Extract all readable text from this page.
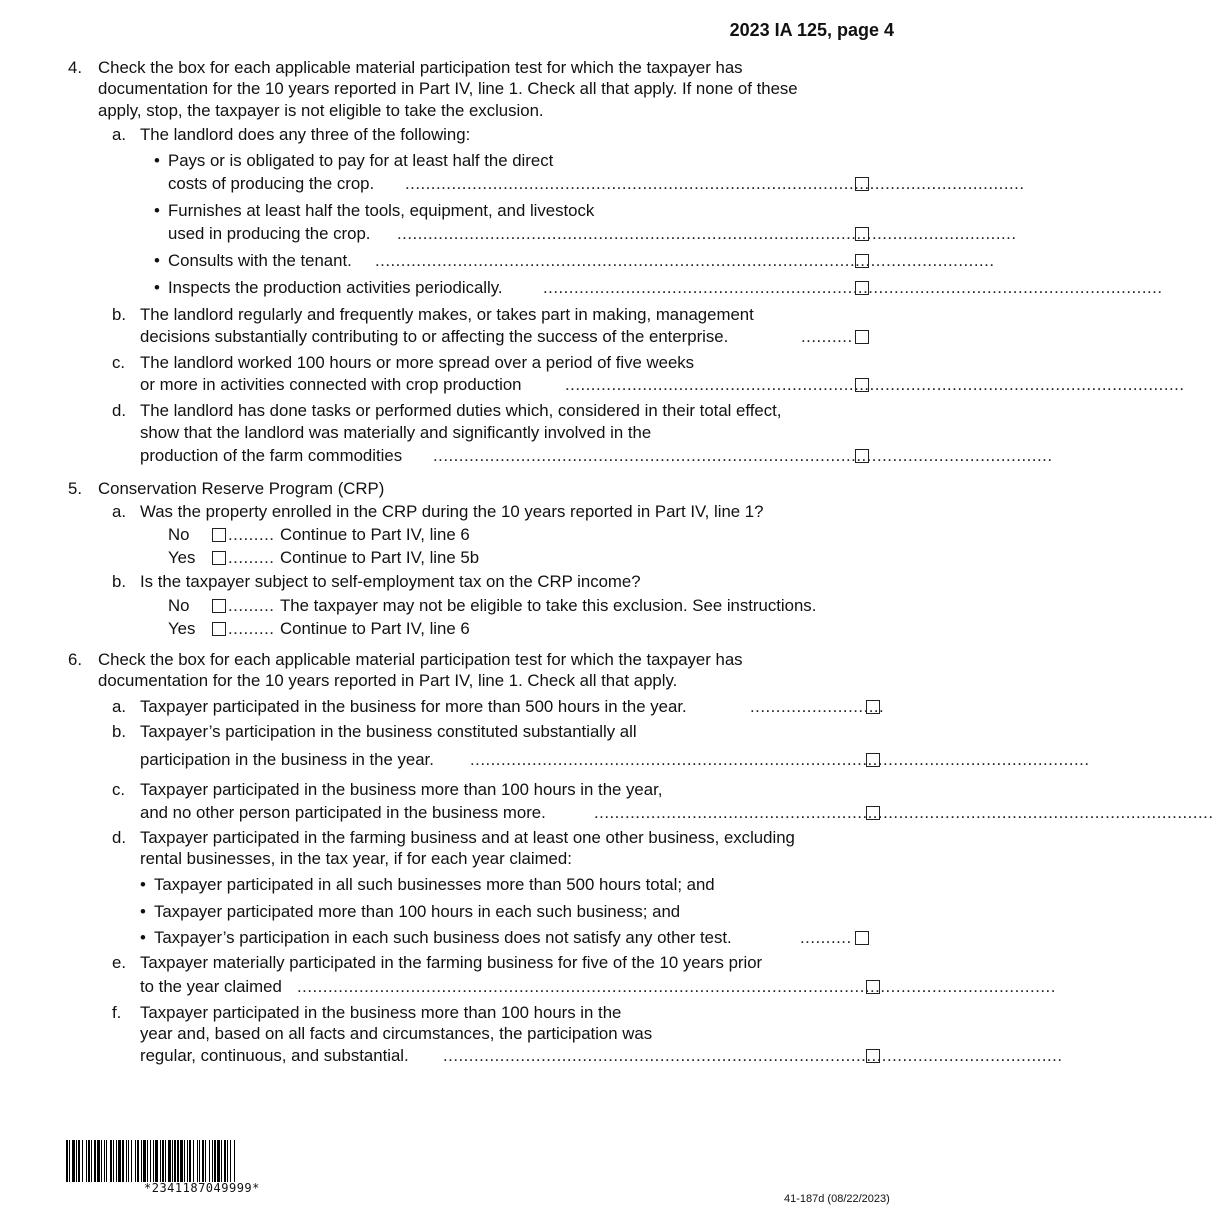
2023 IA 125, page 4
4. Check the box for each applicable material participation test for which the taxpayer has
documentation for the 10 years reported in Part IV, line 1. Check all that apply. If none of these
apply, stop, the taxpayer is not eligible to take the exclusion.
a. The landlord does any three of the following:
• Pays or is obligated to pay for at least half the direct
costs of producing the crop. ........................................................................................................................
• Furnishes at least half the tools, equipment, and livestock
used in producing the crop. ........................................................................................................................
• Consults with the tenant. ........................................................................................................................
• Inspects the production activities periodically. ........................................................................................................................
b. The landlord regularly and frequently makes, or takes part in making, management
decisions substantially contributing to or affecting the success of the enterprise.	..........
c. The landlord worked 100 hours or more spread over a period of five weeks
or more in activities connected with crop production	........................................................................................................................
d. The landlord has done tasks or performed duties which, considered in their total effect,
show that the landlord was materially and significantly involved in the
production of the farm commodities ........................................................................................................................
5. Conservation Reserve Program (CRP)
a. Was the property enrolled in the CRP during the 10 years reported in Part IV, line 1?
No ......... Continue to Part IV, line 6
Yes ......... Continue to Part IV, line 5b
b. Is the taxpayer subject to self-employment tax on the CRP income?
No ......... The taxpayer may not be eligible to take this exclusion. See instructions.
Yes ......... Continue to Part IV, line 6
6. Check the box for each applicable material participation test for which the taxpayer has
documentation for the 10 years reported in Part IV, line 1. Check all that apply.
a. Taxpayer participated in the business for more than 500 hours in the year.	..........................
b. Taxpayer’s participation in the business constituted substantially all
participation in the business in the year. ........................................................................................................................
c. Taxpayer participated in the business more than 100 hours in the year,
and no other person participated in the business more.	........................................................................................................................
d. Taxpayer participated in the farming business and at least one other business, excluding
rental businesses, in the tax year, if for each year claimed:
• Taxpayer participated in all such businesses more than 500 hours total; and
• Taxpayer participated more than 100 hours in each such business; and
• Taxpayer’s participation in each such business does not satisfy any other test.	..........
e. Taxpayer materially participated in the farming business for five of the 10 years prior
to the year claimed ...................................................................................................................................................
f. Taxpayer participated in the business more than 100 hours in the
year and, based on all facts and circumstances, the participation was
regular, continuous, and substantial. ........................................................................................................................
*2341187049999*
41-187d (08/22/2023)
